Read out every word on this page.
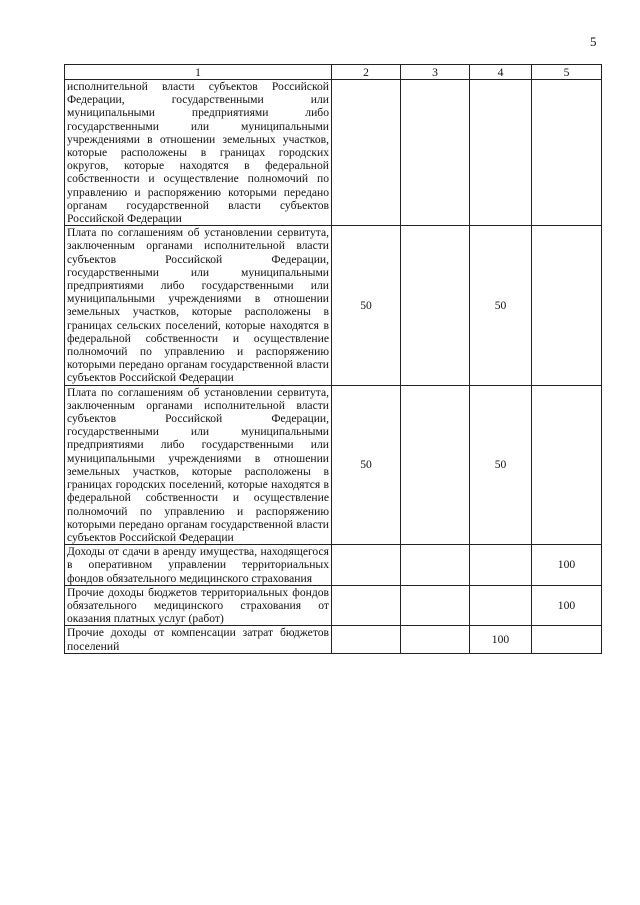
5
1	2	3	4	5
исполнительной власти субъектов Российской Федерации, государственными или муниципальными предприятиями либо государственными или муниципальными учреждениями в отношении земельных участков, которые расположены в границах городских округов, которые находятся в федеральной собственности и осуществление полномочий по управлению и распоряжению которыми передано органам государственной власти субъектов Российской Федерации				
Плата по соглашениям об установлении сервитута, заключенным органами исполнительной власти субъектов Российской Федерации, государственными или муниципальными предприятиями либо государственными или муниципальными учреждениями в отношении земельных участков, которые расположены в границах сельских поселений, которые находятся в федеральной собственности и осуществление полномочий по управлению и распоряжению которыми передано органам государственной власти субъектов Российской Федерации	50		50	
Плата по соглашениям об установлении сервитута, заключенным органами исполнительной власти субъектов Российской Федерации, государственными или муниципальными предприятиями либо государственными или муниципальными учреждениями в отношении земельных участков, которые расположены в границах городских поселений, которые находятся в федеральной собственности и осуществление полномочий по управлению и распоряжению которыми передано органам государственной власти субъектов Российской Федерации	50		50	
Доходы от сдачи в аренду имущества, находящегося в оперативном управлении территориальных фондов обязательного медицинского страхования				100
Прочие доходы бюджетов территориальных фондов обязательного медицинского страхования от оказания платных услуг (работ)				100
Прочие доходы от компенсации затрат бюджетов поселений			100	
